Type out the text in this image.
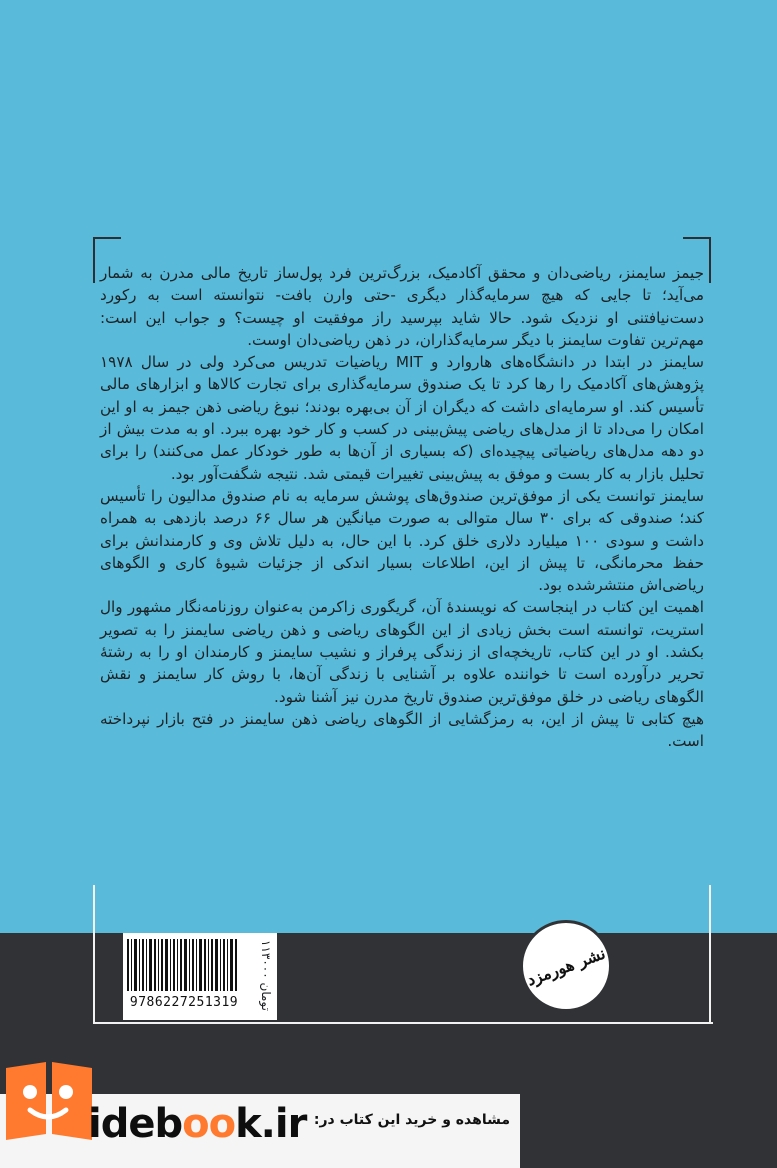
جیمز سایمنز، ریاضی‌دان و محقق آکادمیک، بزرگ‌ترین فرد پول‌ساز تاریخ مالی مدرن به شمار می‌آید؛ تا جایی که هیچ سرمایه‌گذار دیگری -حتی وارن بافت- نتوانسته است به رکورد دست‌نیافتنی او نزدیک شود. حالا شاید بپرسید راز موفقیت او چیست؟ و جواب این است: مهم‌ترین تفاوت سایمنز با دیگر سرمایه‌گذاران، در ذهن ریاضی‌دان اوست.

سایمنز در ابتدا در دانشگاه‌های هاروارد و MIT ریاضیات تدریس می‌کرد ولی در سال ۱۹۷۸ پژوهش‌های آکادمیک را رها کرد تا یک صندوق سرمایه‌گذاری برای تجارت کالاها و ابزارهای مالی تأسیس کند. او سرمایه‌ای داشت که دیگران از آن بی‌بهره بودند؛ نبوغ ریاضی ذهن جیمز به او این امکان را می‌داد تا از مدل‌های ریاضی پیش‌بینی در کسب و کار خود بهره ببرد. او به مدت بیش از دو دهه مدل‌های ریاضیاتی پیچیده‌ای (که بسیاری از آن‌ها به طور خودکار عمل می‌کنند) را برای تحلیل بازار به کار بست و موفق به پیش‌بینی تغییرات قیمتی شد. نتیجه شگفت‌آور بود.

سایمنز توانست یکی از موفق‌ترین صندوق‌های پوشش سرمایه به نام صندوق مدالیون را تأسیس کند؛ صندوقی که برای ۳۰ سال متوالی به صورت میانگین هر سال ۶۶ درصد بازدهی به همراه داشت و سودی ۱۰۰ میلیارد دلاری خلق کرد. با این حال، به دلیل تلاش وی و کارمندانش برای حفظ محرمانگی، تا پیش از این، اطلاعات بسیار اندکی از جزئیات شیوهٔ کاری و الگوهای ریاضی‌اش منتشرشده بود.

اهمیت این کتاب در اینجاست که نویسندهٔ آن، گریگوری زاکرمن به‌عنوان روزنامه‌نگار مشهور وال استریت، توانسته است بخش زیادی از این الگوهای ریاضی و ذهن ریاضی سایمنز را به تصویر بکشد. او در این کتاب، تاریخچه‌ای از زندگی پرفراز و نشیب سایمنز و کارمندان او را به رشتهٔ تحریر درآورده است تا خواننده علاوه بر آشنایی با زندگی آن‌ها، با روش کار سایمنز و نقش الگوهای ریاضی در خلق موفق‌ترین صندوق تاریخ مدرن نیز آشنا شود.

هیچ کتابی تا پیش از این، به رمزگشایی از الگوهای ریاضی ذهن سایمنز در فتح بازار نپرداخته است.

9786227251319
۱۱۳۰۰۰ تومان
نشر هورمزد
idebook.ir مشاهده و خرید این کتاب در:
